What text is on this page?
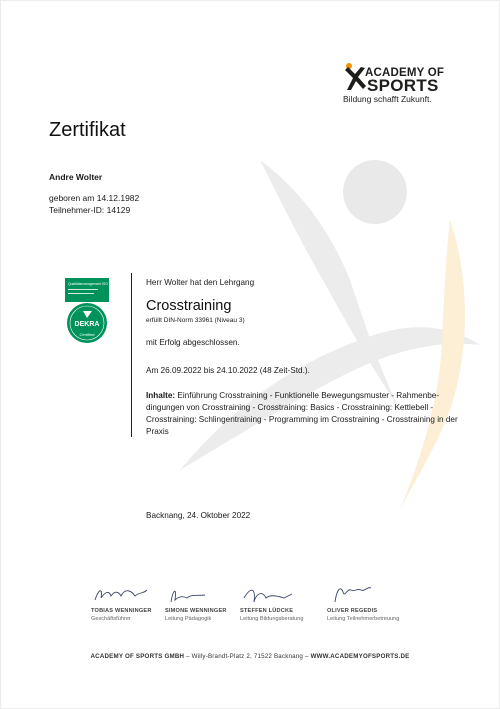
ACADEMY OF
SPORTS
Bildung schafft Zukunft.
Zertifikat
Andre Wolter
geboren am 14.12.1982
Teilnehmer-ID: 14129
Qualitätsmanagement ISO 9001:2015
DEKRA
Certified
Herr Wolter hat den Lehrgang
Crosstraining
erfüllt DIN-Norm 33961 (Niveau 3)
mit Erfolg abgeschlossen.
Am 26.09.2022 bis 24.10.2022 (48 Zeit-Std.).
Inhalte: Einführung Crosstraining - Funktionelle Bewegungsmuster - Rahmenbe-dingungen von Crosstraining - Crosstraining: Basics - Crosstraining: Kettlebell - Crosstraining: Schlingentraining - Programming im Crosstraining - Crosstraining in der Praxis
Backnang, 24. Oktober 2022
TOBIAS WENNINGER
Geschäftsführer
SIMONE WENNINGER
Leitung Pädagogik
STEFFEN LÜDCKE
Leitung Bildungsberatung
OLIVER REGEDIS
Leitung Teilnehmerbetreuung
ACADEMY OF SPORTS GMBH – Willy-Brandt-Platz 2, 71522 Backnang – WWW.ACADEMYOFSPORTS.DE
